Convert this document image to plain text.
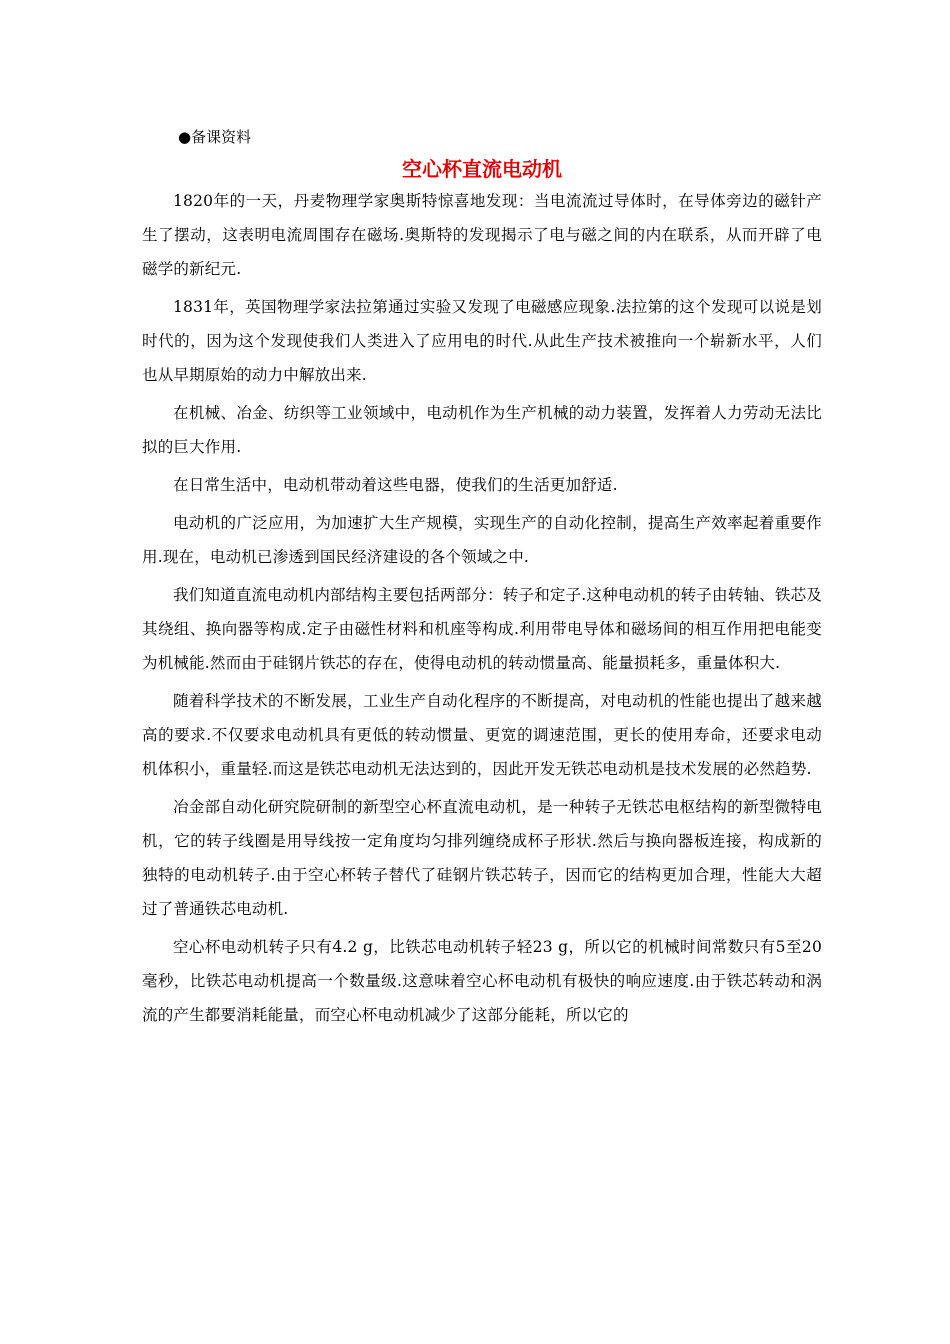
●备课资料
空心杯直流电动机

1820年的一天，丹麦物理学家奥斯特惊喜地发现：当电流流过导体时，在导体旁边的磁针产生了摆动，这表明电流周围存在磁场.奥斯特的发现揭示了电与磁之间的内在联系，从而开辟了电磁学的新纪元.

1831年，英国物理学家法拉第通过实验又发现了电磁感应现象.法拉第的这个发现可以说是划时代的，因为这个发现使我们人类进入了应用电的时代.从此生产技术被推向一个崭新水平，人们也从早期原始的动力中解放出来.

在机械、冶金、纺织等工业领域中，电动机作为生产机械的动力装置，发挥着人力劳动无法比拟的巨大作用.

在日常生活中，电动机带动着这些电器，使我们的生活更加舒适.

电动机的广泛应用，为加速扩大生产规模，实现生产的自动化控制，提高生产效率起着重要作用.现在，电动机已渗透到国民经济建设的各个领域之中.

我们知道直流电动机内部结构主要包括两部分：转子和定子.这种电动机的转子由转轴、铁芯及其绕组、换向器等构成.定子由磁性材料和机座等构成.利用带电导体和磁场间的相互作用把电能变为机械能.然而由于硅钢片铁芯的存在，使得电动机的转动惯量高、能量损耗多，重量体积大.

随着科学技术的不断发展，工业生产自动化程序的不断提高，对电动机的性能也提出了越来越高的要求.不仅要求电动机具有更低的转动惯量、更宽的调速范围，更长的使用寿命，还要求电动机体积小，重量轻.而这是铁芯电动机无法达到的，因此开发无铁芯电动机是技术发展的必然趋势.

冶金部自动化研究院研制的新型空心杯直流电动机，是一种转子无铁芯电枢结构的新型微特电机，它的转子线圈是用导线按一定角度均匀排列缠绕成杯子形状.然后与换向器板连接，构成新的独特的电动机转子.由于空心杯转子替代了硅钢片铁芯转子，因而它的结构更加合理，性能大大超过了普通铁芯电动机.

空心杯电动机转子只有4.2 g，比铁芯电动机转子轻23 g，所以它的机械时间常数只有5至20毫秒，比铁芯电动机提高一个数量级.这意味着空心杯电动机有极快的响应速度.由于铁芯转动和涡流的产生都要消耗能量，而空心杯电动机减少了这部分能耗，所以它的
